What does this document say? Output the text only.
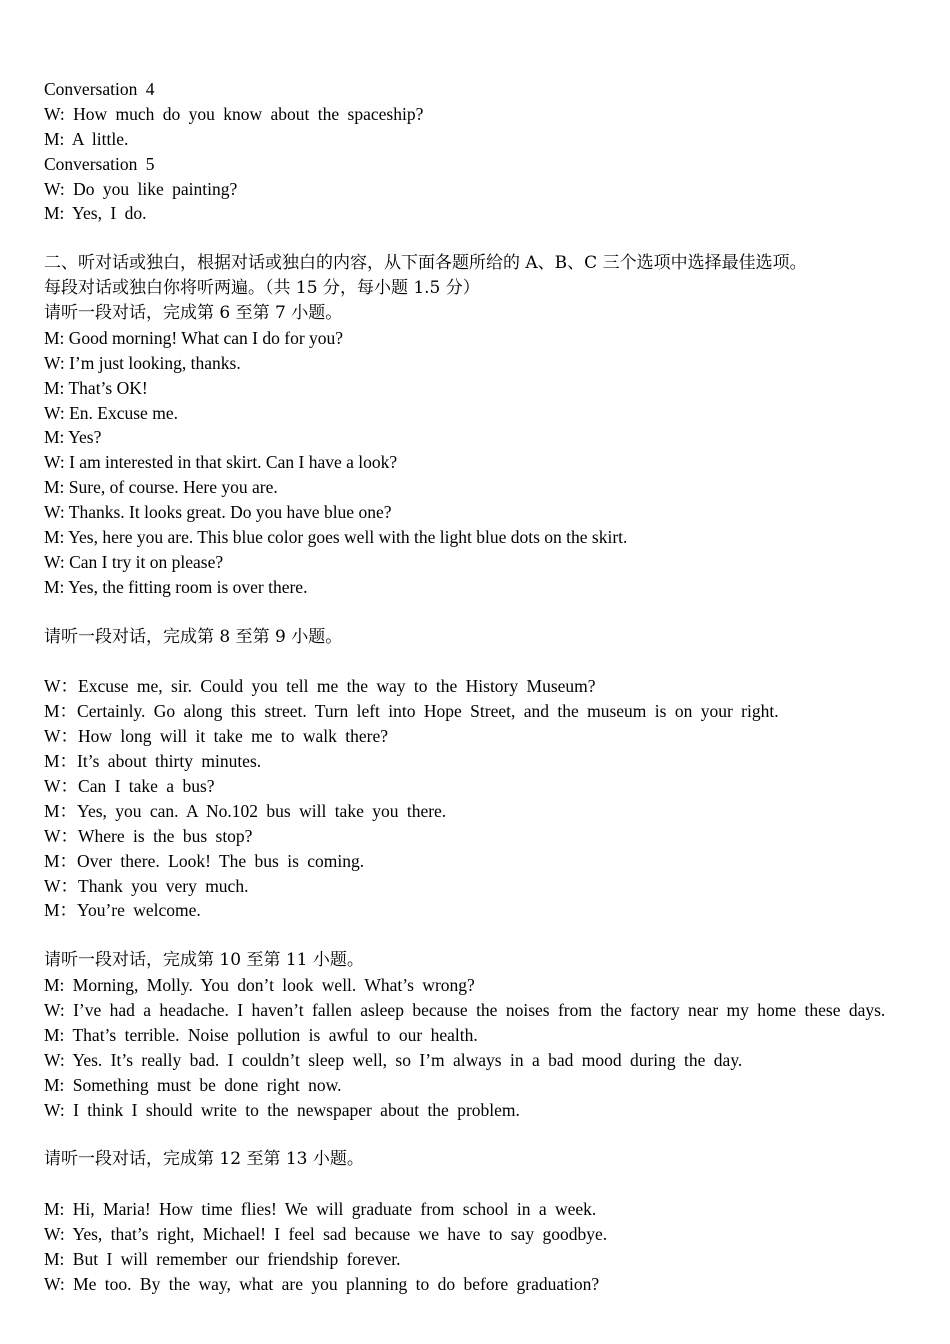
Conversation 4
W: How much do you know about the spaceship?
M: A little.
Conversation 5
W: Do you like painting?
M: Yes, I do.
二、听对话或独白，根据对话或独白的内容，从下面各题所给的 A、B、C 三个选项中选择最佳选项。
每段对话或独白你将听两遍。（共 15 分，每小题 1.5 分）
请听一段对话，完成第 6 至第 7 小题。
M: Good morning! What can I do for you?
W: I’m just looking, thanks.
M: That’s OK!
W: En. Excuse me.
M: Yes?
W: I am interested in that skirt. Can I have a look?
M: Sure, of course. Here you are.
W: Thanks. It looks great. Do you have blue one?
M: Yes, here you are. This blue color goes well with the light blue dots on the skirt.
W: Can I try it on please?
M: Yes, the fitting room is over there.
请听一段对话，完成第 8 至第 9 小题。
W：Excuse me, sir. Could you tell me the way to the History Museum?
M：Certainly. Go along this street. Turn left into Hope Street, and the museum is on your right.
W：How long will it take me to walk there?
M：It’s about thirty minutes.
W：Can I take a bus?
M：Yes, you can. A No.102 bus will take you there.
W：Where is the bus stop?
M：Over there. Look! The bus is coming.
W：Thank you very much.
M：You’re welcome.
请听一段对话，完成第 10 至第 11 小题。
M: Morning, Molly. You don’t look well. What’s wrong?
W: I’ve had a headache. I haven’t fallen asleep because the noises from the factory near my home these days.
M: That’s terrible. Noise pollution is awful to our health.
W: Yes. It’s really bad. I couldn’t sleep well, so I’m always in a bad mood during the day.
M: Something must be done right now.
W: I think I should write to the newspaper about the problem.
请听一段对话，完成第 12 至第 13 小题。
M: Hi, Maria! How time flies! We will graduate from school in a week.
W: Yes, that’s right, Michael! I feel sad because we have to say goodbye.
M: But I will remember our friendship forever.
W: Me too. By the way, what are you planning to do before graduation?
